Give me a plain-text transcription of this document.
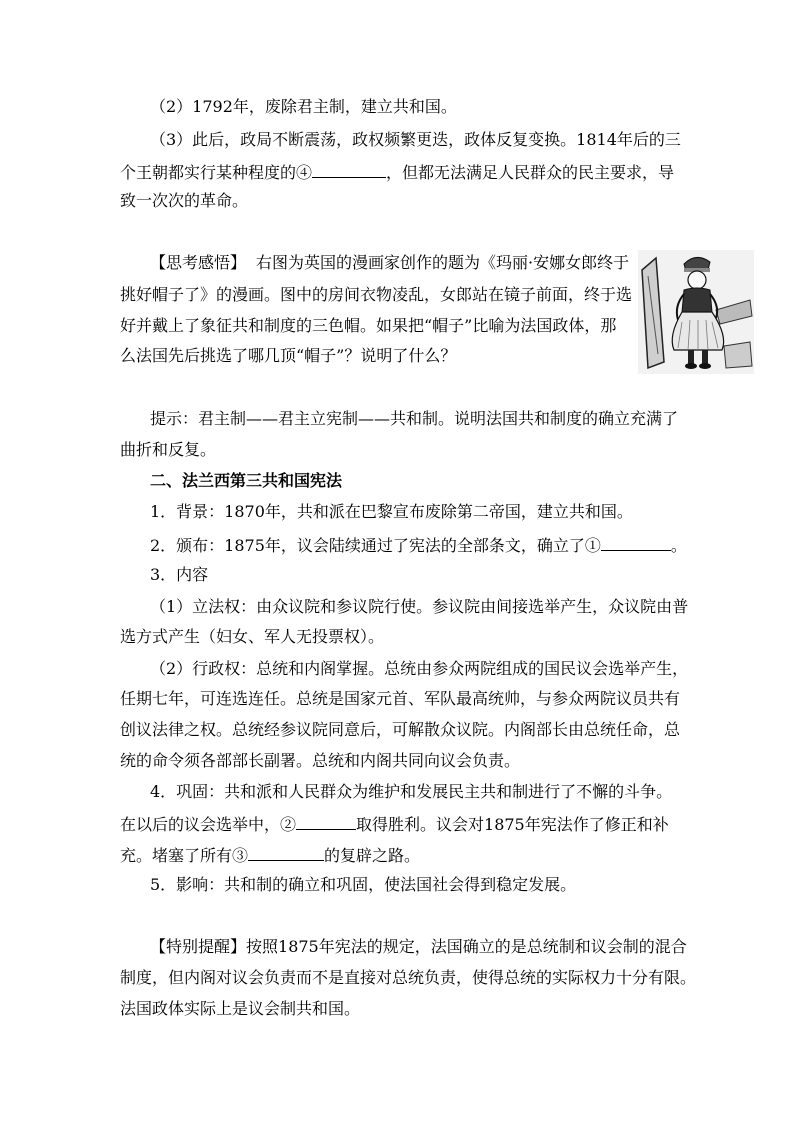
（2）1792年，废除君主制，建立共和国。
（3）此后，政局不断震荡，政权频繁更迭，政体反复变换。1814年后的三
个王朝都实行某种程度的④	，但都无法满足人民群众的民主要求，导
致一次次的革命。
【思考感悟】 右图为英国的漫画家创作的题为《玛丽·安娜女郎终于
挑好帽子了》的漫画。图中的房间衣物凌乱，女郎站在镜子前面，终于选
好并戴上了象征共和制度的三色帽。如果把“帽子”比喻为法国政体，那
么法国先后挑选了哪几顶“帽子”？说明了什么？
提示：君主制——君主立宪制——共和制。说明法国共和制度的确立充满了
曲折和反复。
二、法兰西第三共和国宪法
1．背景：1870年，共和派在巴黎宣布废除第二帝国，建立共和国。
2．颁布：1875年，议会陆续通过了宪法的全部条文，确立了①	。
3．内容
（1）立法权：由众议院和参议院行使。参议院由间接选举产生，众议院由普
选方式产生（妇女、军人无投票权）。
（2）行政权：总统和内阁掌握。总统由参众两院组成的国民议会选举产生，
任期七年，可连选连任。总统是国家元首、军队最高统帅，与参众两院议员共有
创议法律之权。总统经参议院同意后，可解散众议院。内阁部长由总统任命，总
统的命令须各部部长副署。总统和内阁共同向议会负责。
4．巩固：共和派和人民群众为维护和发展民主共和制进行了不懈的斗争。
在以后的议会选举中，②	取得胜利。议会对1875年宪法作了修正和补
充。堵塞了所有③	的复辟之路。
5．影响：共和制的确立和巩固，使法国社会得到稳定发展。
【特别提醒】按照1875年宪法的规定，法国确立的是总统制和议会制的混合
制度，但内阁对议会负责而不是直接对总统负责，使得总统的实际权力十分有限。
法国政体实际上是议会制共和国。
